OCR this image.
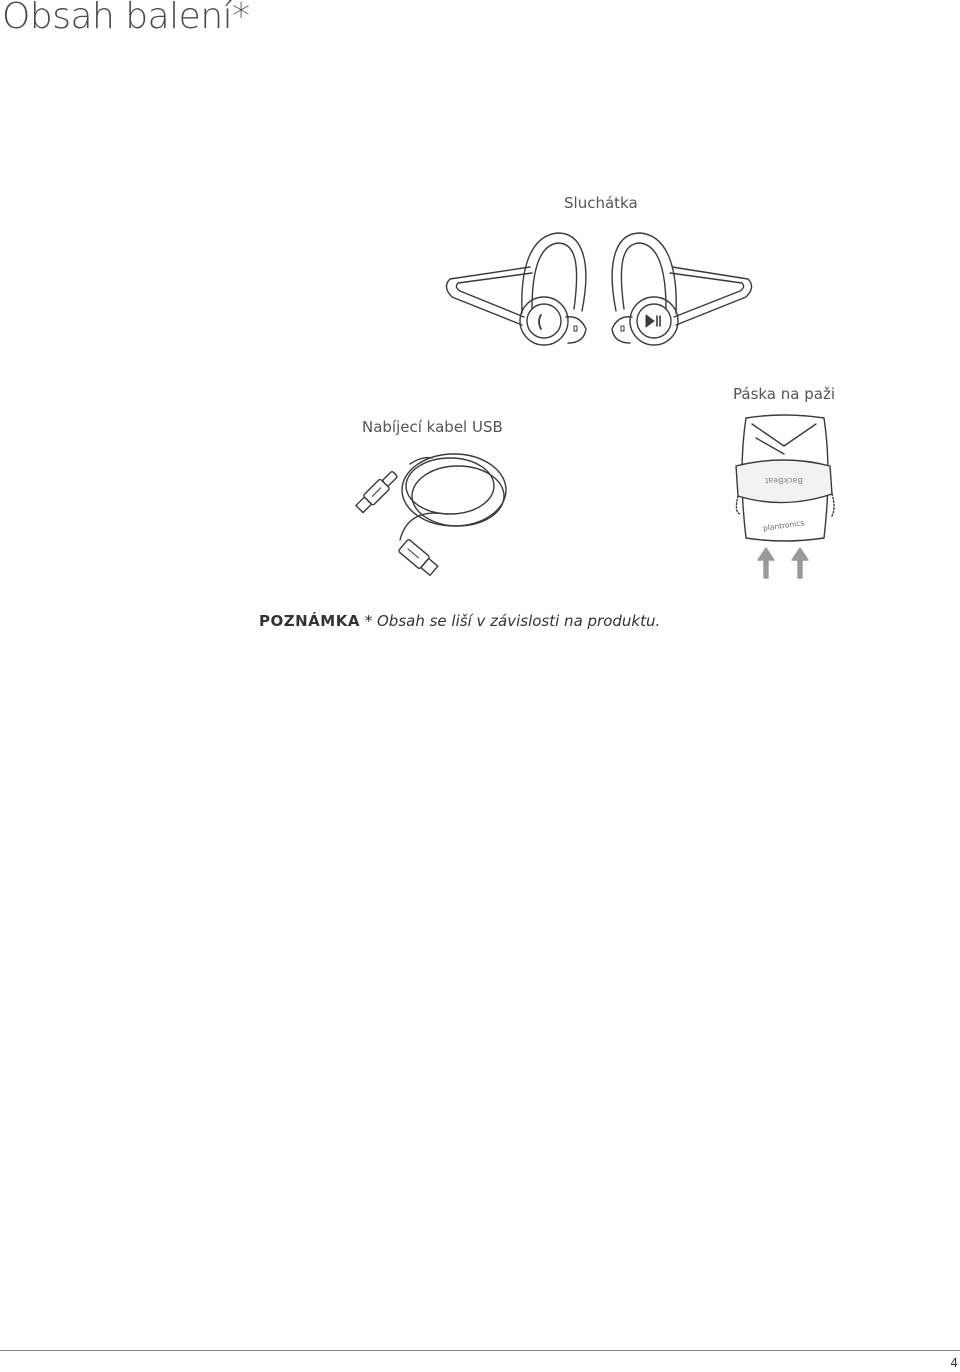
Obsah balení*
Sluchátka
Nabíjecí kabel USB
Páska na paži
BackBeat
plantronics
POZNÁMKA * Obsah se liší v závislosti na produktu.
4
